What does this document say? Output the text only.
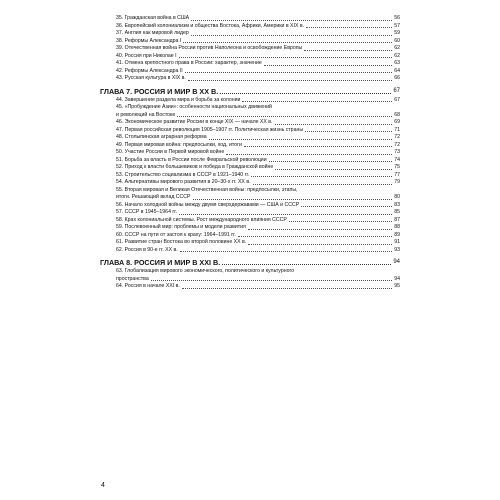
35. Гражданская война в США	56
36. Европейский колониализм и общества Востока, Африки, Америки в XIX в.	57
37. Англия как мировой лидер	59
38. Реформы Александра I	60
39. Отечественная война России против Наполеона и освобождение Европы	62
40. Россия при Николае I	62
41. Отмена крепостного права в России: характер, значение	63
42. Реформы Александра II	64
43. Русская культура в XIX в.	66
ГЛАВА 7. РОССИЯ И МИР В XX В.	67
44. Завершение раздела мира и борьба за колонии	67
45. «Пробуждение Азии»: особенности национальных движений
и революций на Востоке	68
46. Экономическое развитие России в конце XIX — начале XX в.	69
47. Первая российская революция 1905–1907 гг. Политическая жизнь страны	71
48. Столыпинская аграрная реформа	72
49. Первая мировая война: предпосылки, ход, итоги	72
50. Участие России в Первой мировой войне	73
51. Борьба за власть в России после Февральской революции	74
52. Приход к власти большевиков и победа в Гражданской войне	75
53. Строительство социализма в СССР в 1921–1940 гг.	77
54. Альтернативы мирового развития в 20–30-х гг. XX в.	79
55. Вторая мировая и Великая Отечественная войны: предпосылки, этапы,
итоги. Решающий вклад СССР	80
56. Начало холодной войны между двумя сверхдержавами — США и СССР	83
57. СССР в 1945–1964 гг.	85
58. Крах колониальной системы. Рост международного влияния СССР	87
59. Послевоенный мир: проблемы и модели развития	88
60. СССР на пути от застоя к краху: 1964–1991 гг.	89
61. Развитие стран Востока во второй половине XX в.	91
62. Россия в 90-е гг. XX в.	93
ГЛАВА 8. РОССИЯ И МИР В XXI В.	94
63. Глобализация мирового экономического, политического и культурного
пространства	94
64. Россия в начале XXI в.	95
4
